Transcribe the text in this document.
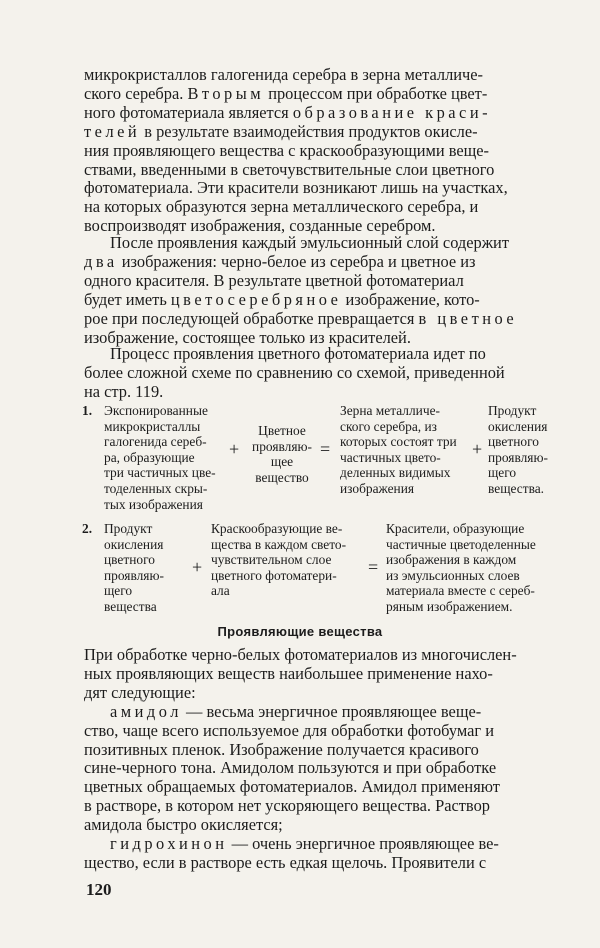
микрокристаллов галогенида серебра в зерна металличе-

ского серебра. Вторым процессом при обработке цвет-

ного фотоматериала является образование краси-

телей в результате взаимодействия продуктов окисле-

ния проявляющего вещества с краскообразующими веще-

ствами, введенными в светочувствительные слои цветного

фотоматериала. Эти красители возникают лишь на участках,

на которых образуются зерна металлического серебра, и

воспроизводят изображения, созданные серебром.

После проявления каждый эмульсионный слой содержит

два изображения: черно-белое из серебра и цветное из

одного красителя. В результате цветной фотоматериал

будет иметь цветосеребряное изображение, кото-

рое при последующей обработке превращается в цветное

изображение, состоящее только из красителей.

Процесс проявления цветного фотоматериала идет по

более сложной схеме по сравнению со схемой, приведенной

на стр. 119.

1. Экспонированные
микрокристаллы
галогенида сереб-
ра, образующие
три частичных цве-
тоделенных скры-
тых изображения
+
Цветное
проявляю-
щее
вещество
=
Зерна металличе-
ского серебра, из
которых состоят три
частичных цвето-
деленных видимых
изображения
+
Продукт
окисления
цветного
проявляю-
щего
вещества.
2. Продукт
окисления
цветного
проявляю-
щего
вещества
+
Краскообразующие ве-
щества в каждом свето-
чувствительном слое
цветного фотоматери-
ала
=
Красители, образующие
частичные цветоделенные
изображения в каждом
из эмульсионных слоев
материала вместе с сереб-
ряным изображением.
Проявляющие вещества

При обработке черно-белых фотоматериалов из многочислен-

ных проявляющих веществ наибольшее применение нахо-

дят следующие:

амидол — весьма энергичное проявляющее веще-

ство, чаще всего используемое для обработки фотобумаг и

позитивных пленок. Изображение получается красивого

сине-черного тона. Амидолом пользуются и при обработке

цветных обращаемых фотоматериалов. Амидол применяют

в растворе, в котором нет ускоряющего вещества. Раствор

амидола быстро окисляется;

гидрохинон — очень энергичное проявляющее ве-

щество, если в растворе есть едкая щелочь. Проявители с

120
